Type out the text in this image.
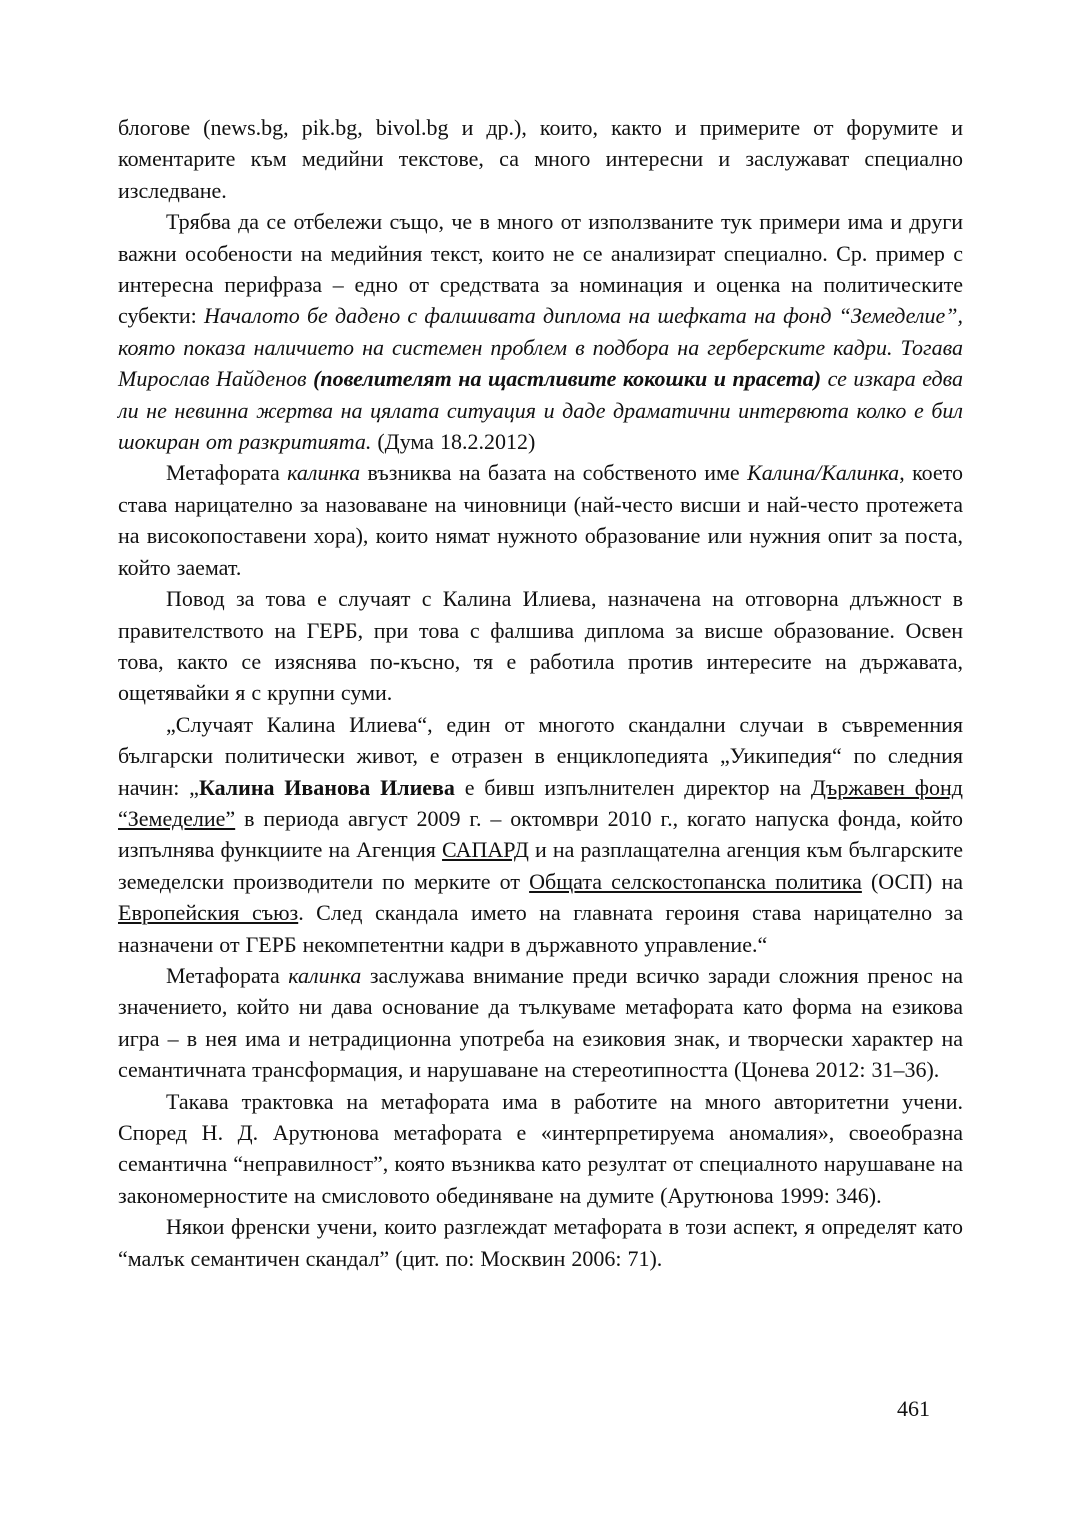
блогове (news.bg, pik.bg, bivol.bg и др.), които, както и примерите от форумите и коментарите към медийни текстове, са много интересни и заслужават специално изследване.

Трябва да се отбележи също, че в много от използваните тук примери има и други важни особености на медийния текст, които не се анализират специално. Ср. пример с интересна перифраза – едно от средствата за номинация и оценка на политическите субекти: Началото бе дадено с фалшивата диплома на шефката на фонд “Земеделие”, която показа наличието на системен проблем в подбора на герберските кадри. Тогава Мирослав Найденов (повелителят на щастливите кокошки и прасета) се изкара едва ли не невинна жертва на цялата ситуация и даде драматични интервюта колко е бил шокиран от разкритията. (Дума 18.2.2012)

Метафората калинка възниква на базата на собственото име Калина/Калинка, което става нарицателно за назоваване на чиновници (най-често висши и най-често протежета на високопоставени хора), които нямат нужното образование или нужния опит за поста, който заемат.

Повод за това е случаят с Калина Илиева, назначена на отговорна длъжност в правителството на ГЕРБ, при това с фалшива диплома за висше образование. Освен това, както се изяснява по-късно, тя е работила против интересите на държавата, ощетявайки я с крупни суми.

„Случаят Калина Илиева“, един от многото скандални случаи в съвременния български политически живот, е отразен в енциклопедията „Уикипедия“ по следния начин: „Калина Иванова Илиева е бивш изпълнителен директор на Държавен фонд “Земеделие” в периода август 2009 г. – октомври 2010 г., когато напуска фонда, който изпълнява функциите на Агенция САПАРД и на разплащателна агенция към българските земеделски производители по мерките от Общата селскостопанска политика (ОСП) на Европейския съюз. След скандала името на главната героиня става нарицателно за назначени от ГЕРБ некомпетентни кадри в държавното управление.“

Метафората калинка заслужава внимание преди всичко заради сложния пренос на значението, който ни дава основание да тълкуваме метафората като форма на езикова игра – в нея има и нетрадиционна употреба на езиковия знак, и творчески характер на семантичната трансформация, и нарушаване на стереотипността (Цонева 2012: 31–36).

Такава трактовка на метафората има в работите на много авторитетни учени. Според Н. Д. Арутюнова метафората е «интерпретируема аномалия», своеобразна семантична “неправилност”, която възниква като резултат от специалното нарушаване на закономерностите на смисловото обединяване на думите (Арутюнова 1999: 346).

Някои френски учени, които разглеждат метафората в този аспект, я определят като “малък семантичен скандал” (цит. по: Москвин 2006: 71).

461
